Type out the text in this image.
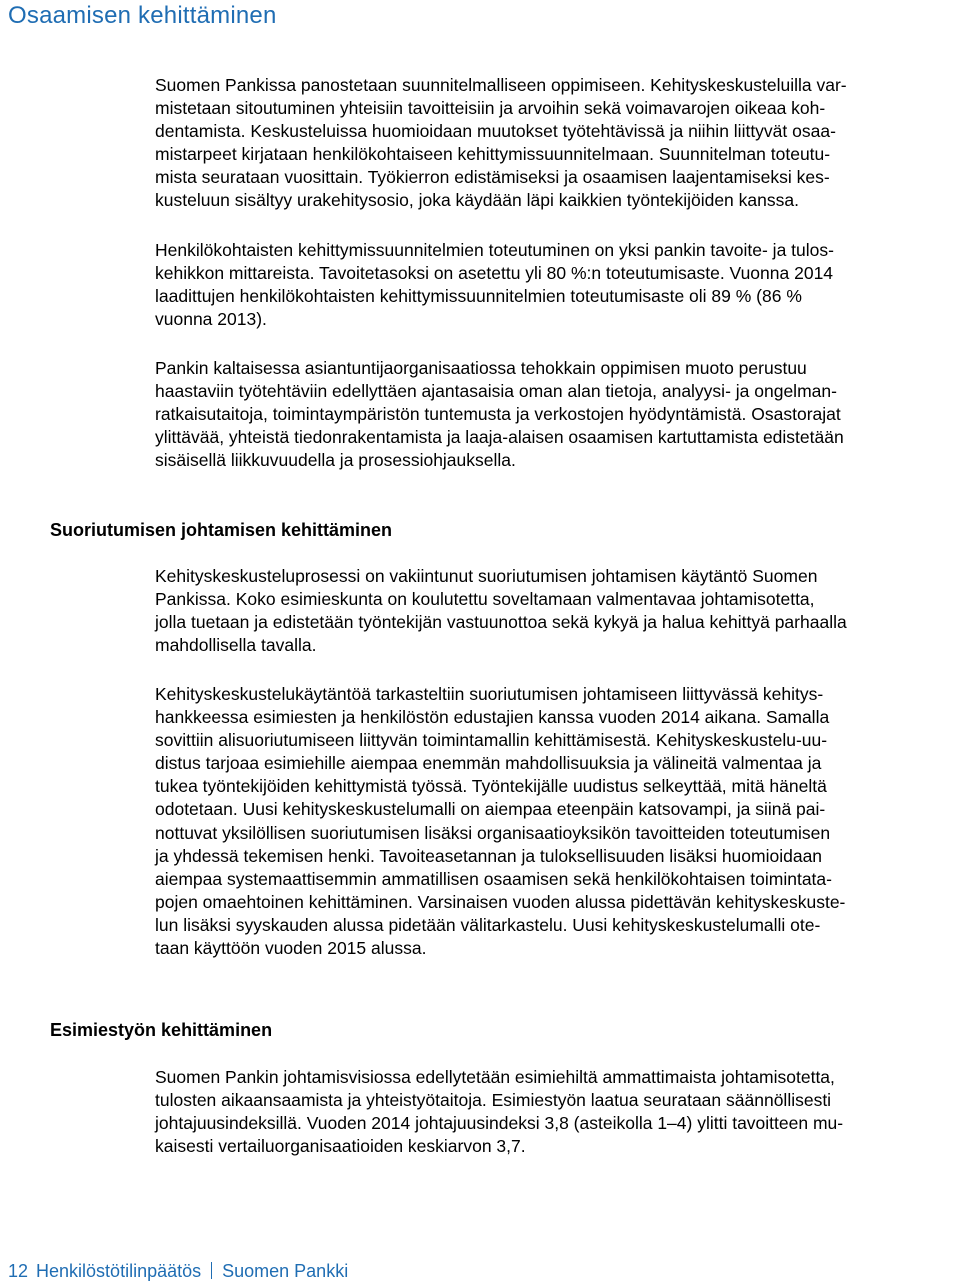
Osaamisen kehittäminen

Suomen Pankissa panostetaan suunnitelmalliseen oppimiseen. Kehityskeskusteluilla var-
mistetaan sitoutuminen yhteisiin tavoitteisiin ja arvoihin sekä voimavarojen oikeaa koh-
dentamista. Keskusteluissa huomioidaan muutokset työtehtävissä ja niihin liittyvät osaa-
mistarpeet kirjataan henkilökohtaiseen kehittymissuunnitelmaan. Suunnitelman toteutu-
mista seurataan vuosittain. Työkierron edistämiseksi ja osaamisen laajentamiseksi kes-
kusteluun sisältyy urakehitysosio, joka käydään läpi kaikkien työntekijöiden kanssa.

Henkilökohtaisten kehittymissuunnitelmien toteutuminen on yksi pankin tavoite- ja tulos-
kehikkon mittareista. Tavoitetasoksi on asetettu yli 80 %:n toteutumisaste. Vuonna 2014
laadittujen henkilökohtaisten kehittymissuunnitelmien toteutumisaste oli 89 % (86 %
vuonna 2013).

Pankin kaltaisessa asiantuntijaorganisaatiossa tehokkain oppimisen muoto perustuu
haastaviin työtehtäviin edellyttäen ajantasaisia oman alan tietoja, analyysi- ja ongelman-
ratkaisutaitoja, toimintaympäristön tuntemusta ja verkostojen hyödyntämistä. Osastorajat
ylittävää, yhteistä tiedonrakentamista ja laaja-alaisen osaamisen kartuttamista edistetään
sisäisellä liikkuvuudella ja prosessiohjauksella.

Suoriutumisen johtamisen kehittäminen

Kehityskeskusteluprosessi on vakiintunut suoriutumisen johtamisen käytäntö Suomen
Pankissa. Koko esimieskunta on koulutettu soveltamaan valmentavaa johtamisotetta,
jolla tuetaan ja edistetään työntekijän vastuunottoa sekä kykyä ja halua kehittyä parhaalla
mahdollisella tavalla.

Kehityskeskustelukäytäntöä tarkasteltiin suoriutumisen johtamiseen liittyvässä kehitys-
hankkeessa esimiesten ja henkilöstön edustajien kanssa vuoden 2014 aikana. Samalla
sovittiin alisuoriutumiseen liittyvän toimintamallin kehittämisestä. Kehityskeskustelu-uu-
distus tarjoaa esimiehille aiempaa enemmän mahdollisuuksia ja välineitä valmentaa ja
tukea työntekijöiden kehittymistä työssä. Työntekijälle uudistus selkeyttää, mitä häneltä
odotetaan. Uusi kehityskeskustelumalli on aiempaa eteenpäin katsovampi, ja siinä pai-
nottuvat yksilöllisen suoriutumisen lisäksi organisaatioyksikön tavoitteiden toteutumisen
ja yhdessä tekemisen henki. Tavoiteasetannan ja tuloksellisuuden lisäksi huomioidaan
aiempaa systemaattisemmin ammatillisen osaamisen sekä henkilökohtaisen toimintata-
pojen omaehtoinen kehittäminen. Varsinaisen vuoden alussa pidettävän kehityskeskuste-
lun lisäksi syyskauden alussa pidetään välitarkastelu. Uusi kehityskeskustelumalli ote-
taan käyttöön vuoden 2015 alussa.

Esimiestyön kehittäminen

Suomen Pankin johtamisvisiossa edellytetään esimiehiltä ammattimaista johtamisotetta,
tulosten aikaansaamista ja yhteistyötaitoja. Esimiestyön laatua seurataan säännöllisesti
johtajuusindeksillä. Vuoden 2014 johtajuusindeksi 3,8 (asteikolla 1–4) ylitti tavoitteen mu-
kaisesti vertailuorganisaatioiden keskiarvon 3,7.

12 Henkilöstötilinpäätös Suomen Pankki
